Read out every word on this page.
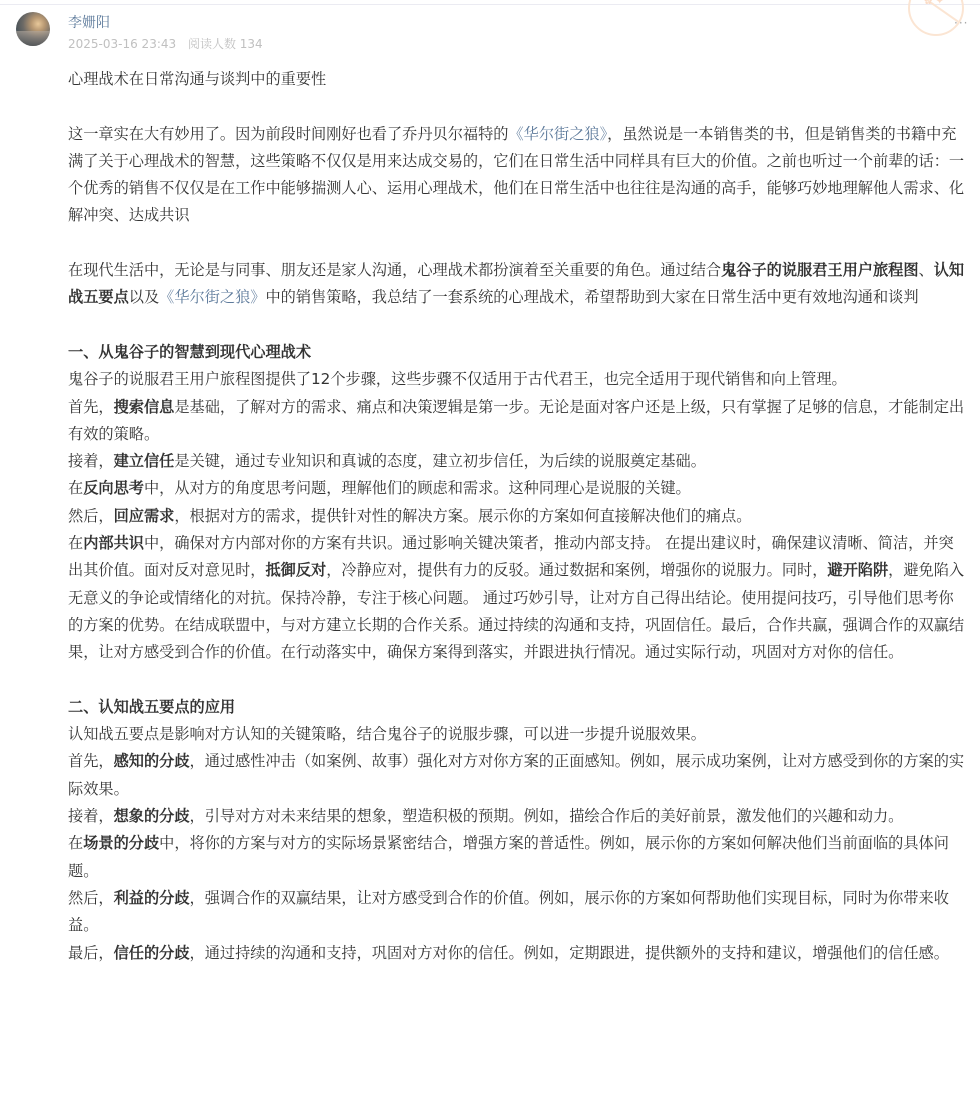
李姗阳
2025-03-16 23:43 阅读人数 134
✿ ✦
···

心理战术在日常沟通与谈判中的重要性

这一章实在大有妙用了。因为前段时间刚好也看了乔丹贝尔福特的《华尔街之狼》，虽然说是一本销售类的书，但是销售类的书籍中充满了关于心理战术的智慧，这些策略不仅仅是用来达成交易的，它们在日常生活中同样具有巨大的价值。之前也听过一个前辈的话：一个优秀的销售不仅仅是在工作中能够揣测人心、运用心理战术，他们在日常生活中也往往是沟通的高手，能够巧妙地理解他人需求、化解冲突、达成共识

在现代生活中，无论是与同事、朋友还是家人沟通，心理战术都扮演着至关重要的角色。通过结合鬼谷子的说服君王用户旅程图、认知战五要点以及《华尔街之狼》中的销售策略，我总结了一套系统的心理战术，希望帮助到大家在日常生活中更有效地沟通和谈判

一、从鬼谷子的智慧到现代心理战术

鬼谷子的说服君王用户旅程图提供了12个步骤，这些步骤不仅适用于古代君王，也完全适用于现代销售和向上管理。

首先，搜索信息是基础，了解对方的需求、痛点和决策逻辑是第一步。无论是面对客户还是上级，只有掌握了足够的信息，才能制定出有效的策略。

接着，建立信任是关键，通过专业知识和真诚的态度，建立初步信任，为后续的说服奠定基础。

在反向思考中，从对方的角度思考问题，理解他们的顾虑和需求。这种同理心是说服的关键。

然后，回应需求，根据对方的需求，提供针对性的解决方案。展示你的方案如何直接解决他们的痛点。

在内部共识中，确保对方内部对你的方案有共识。通过影响关键决策者，推动内部支持。 在提出建议时，确保建议清晰、简洁，并突出其价值。面对反对意见时，抵御反对，冷静应对，提供有力的反驳。通过数据和案例，增强你的说服力。同时，避开陷阱，避免陷入无意义的争论或情绪化的对抗。保持冷静，专注于核心问题。 通过巧妙引导，让对方自己得出结论。使用提问技巧，引导他们思考你的方案的优势。在结成联盟中，与对方建立长期的合作关系。通过持续的沟通和支持，巩固信任。最后，合作共赢，强调合作的双赢结果，让对方感受到合作的价值。在行动落实中，确保方案得到落实，并跟进执行情况。通过实际行动，巩固对方对你的信任。

二、认知战五要点的应用

认知战五要点是影响对方认知的关键策略，结合鬼谷子的说服步骤，可以进一步提升说服效果。

首先，感知的分歧，通过感性冲击（如案例、故事）强化对方对你方案的正面感知。例如，展示成功案例，让对方感受到你的方案的实际效果。

接着，想象的分歧，引导对方对未来结果的想象，塑造积极的预期。例如，描绘合作后的美好前景，激发他们的兴趣和动力。

在场景的分歧中，将你的方案与对方的实际场景紧密结合，增强方案的普适性。例如，展示你的方案如何解决他们当前面临的具体问题。

然后，利益的分歧，强调合作的双赢结果，让对方感受到合作的价值。例如，展示你的方案如何帮助他们实现目标，同时为你带来收益。

最后，信任的分歧，通过持续的沟通和支持，巩固对方对你的信任。例如，定期跟进，提供额外的支持和建议，增强他们的信任感。
